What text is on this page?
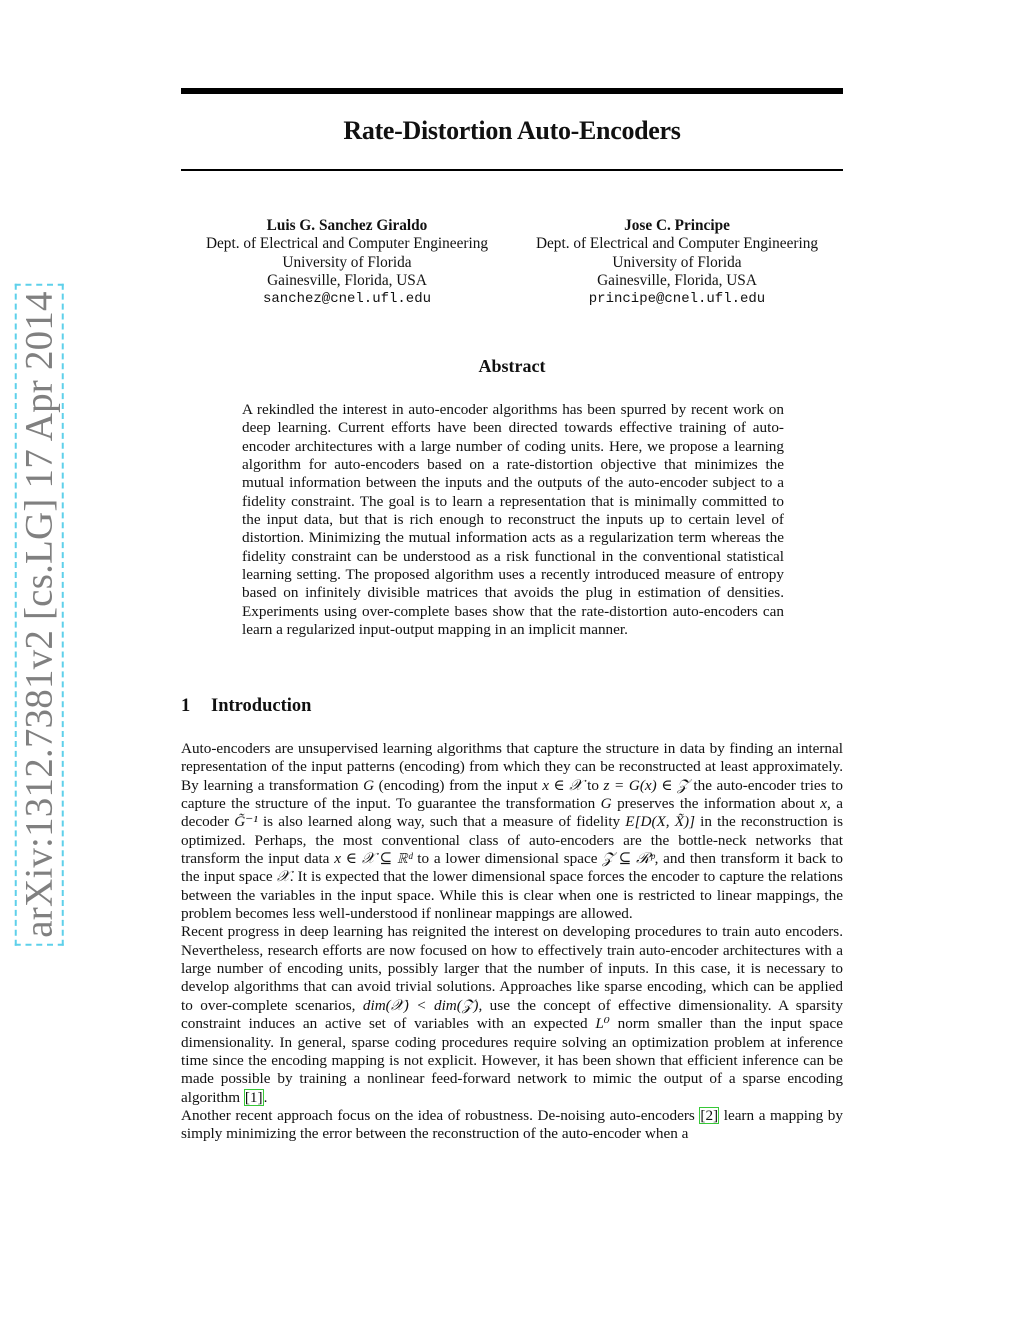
arXiv:1312.7381v2 [cs.LG] 17 Apr 2014
Rate-Distortion Auto-Encoders
Luis G. Sanchez Giraldo
Dept. of Electrical and Computer Engineering
University of Florida
Gainesville, Florida, USA
sanchez@cnel.ufl.edu
Jose C. Principe
Dept. of Electrical and Computer Engineering
University of Florida
Gainesville, Florida, USA
principe@cnel.ufl.edu
Abstract
A rekindled the interest in auto-encoder algorithms has been spurred by recent work on deep learning. Current efforts have been directed towards effective training of auto-encoder architectures with a large number of coding units. Here, we propose a learning algorithm for auto-encoders based on a rate-distortion objective that minimizes the mutual information between the inputs and the outputs of the auto-encoder subject to a fidelity constraint. The goal is to learn a representation that is minimally committed to the input data, but that is rich enough to reconstruct the inputs up to certain level of distortion. Minimizing the mutual information acts as a regularization term whereas the fidelity constraint can be understood as a risk functional in the conventional statistical learning setting. The proposed algorithm uses a recently introduced measure of entropy based on infinitely divisible matrices that avoids the plug in estimation of densities. Experiments using over-complete bases show that the rate-distortion auto-encoders can learn a regularized input-output mapping in an implicit manner.
1 Introduction

Auto-encoders are unsupervised learning algorithms that capture the structure in data by finding an internal representation of the input patterns (encoding) from which they can be reconstructed at least approximately. By learning a transformation G (encoding) from the input x ∈ 𝒳 to z = G(x) ∈ 𝒵 the auto-encoder tries to capture the structure of the input. To guarantee the transformation G preserves the information about x, a decoder G̃⁻¹ is also learned along way, such that a measure of fidelity E[D(X, X̃)] in the reconstruction is optimized. Perhaps, the most conventional class of auto-encoders are the bottle-neck networks that transform the input data x ∈ 𝒳 ⊆ ℝᵈ to a lower dimensional space 𝒵 ⊆ ℛᵖ, and then transform it back to the input space 𝒳. It is expected that the lower dimensional space forces the encoder to capture the relations between the variables in the input space. While this is clear when one is restricted to linear mappings, the problem becomes less well-understood if nonlinear mappings are allowed.

Recent progress in deep learning has reignited the interest on developing procedures to train auto encoders. Nevertheless, research efforts are now focused on how to effectively train auto-encoder architectures with a large number of encoding units, possibly larger that the number of inputs. In this case, it is necessary to develop algorithms that can avoid trivial solutions. Approaches like sparse encoding, which can be applied to over-complete scenarios, dim(𝒳) < dim(𝒵), use the concept of effective dimensionality. A sparsity constraint induces an active set of variables with an expected L⁰ norm smaller than the input space dimensionality. In general, sparse coding procedures require solving an optimization problem at inference time since the encoding mapping is not explicit. However, it has been shown that efficient inference can be made possible by training a nonlinear feed-forward network to mimic the output of a sparse encoding algorithm [1].

Another recent approach focus on the idea of robustness. De-noising auto-encoders [2] learn a mapping by simply minimizing the error between the reconstruction of the auto-encoder when a
